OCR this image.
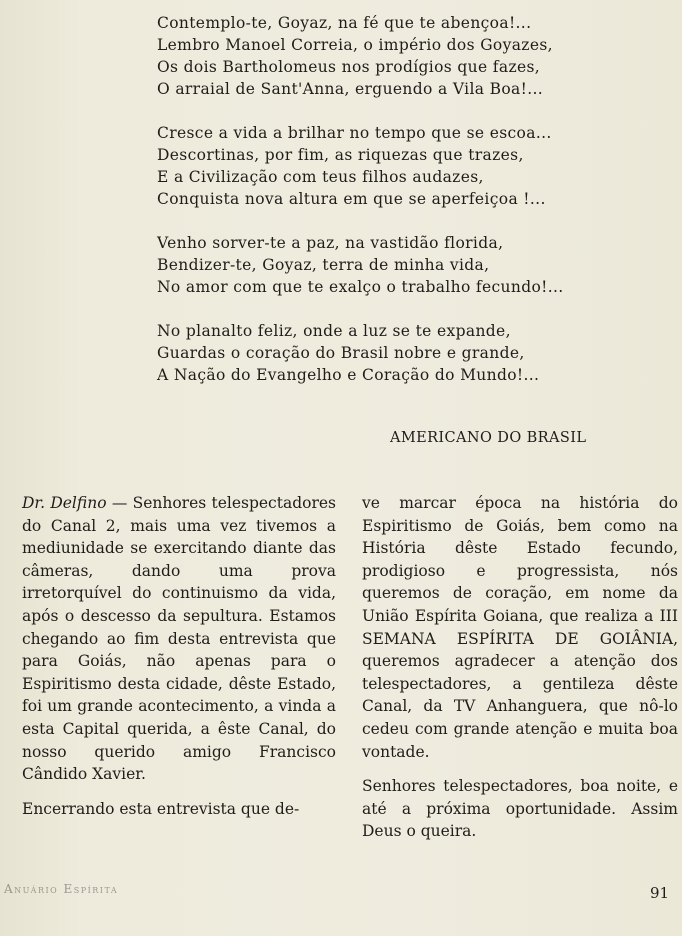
Contemplo-te, Goyaz, na fé que te abençoa!...
Lembro Manoel Correia, o império dos Goyazes,
Os dois Bartholomeus nos prodígios que fazes,
O arraial de Sant'Anna, erguendo a Vila Boa!...
Cresce a vida a brilhar no tempo que se escoa...
Descortinas, por fim, as riquezas que trazes,
E a Civilização com teus filhos audazes,
Conquista nova altura em que se aperfeiçoa !...
Venho sorver-te a paz, na vastidão florida,
Bendizer-te, Goyaz, terra de minha vida,
No amor com que te exalço o trabalho fecundo!...
No planalto feliz, onde a luz se te expande,
Guardas o coração do Brasil nobre e grande,
A Nação do Evangelho e Coração do Mundo!...
AMERICANO DO BRASIL

Dr. Delfino — Senhores telespectadores do Canal 2, mais uma vez tivemos a mediunidade se exercitando diante das câmeras, dando uma prova irretorquível do continuismo da vida, após o descesso da sepultura. Estamos chegando ao fim desta entrevista que para Goiás, não apenas para o Espiritismo desta cidade, dêste Estado, foi um grande acontecimento, a vinda a esta Capital querida, a êste Canal, do nosso querido amigo Francisco Cândido Xavier.

Encerrando esta entrevista que de-

ve marcar época na história do Espiritismo de Goiás, bem como na História dêste Estado fecundo, prodigioso e progressista, nós queremos de coração, em nome da União Espírita Goiana, que realiza a III SEMANA ESPÍRITA DE GOIÂNIA, queremos agradecer a atenção dos telespectadores, a gentileza dêste Canal, da TV Anhanguera, que nô-lo cedeu com grande atenção e muita boa vontade.

Senhores telespectadores, boa noite, e até a próxima oportunidade. Assim Deus o queira.

Anuário Espírita	91
